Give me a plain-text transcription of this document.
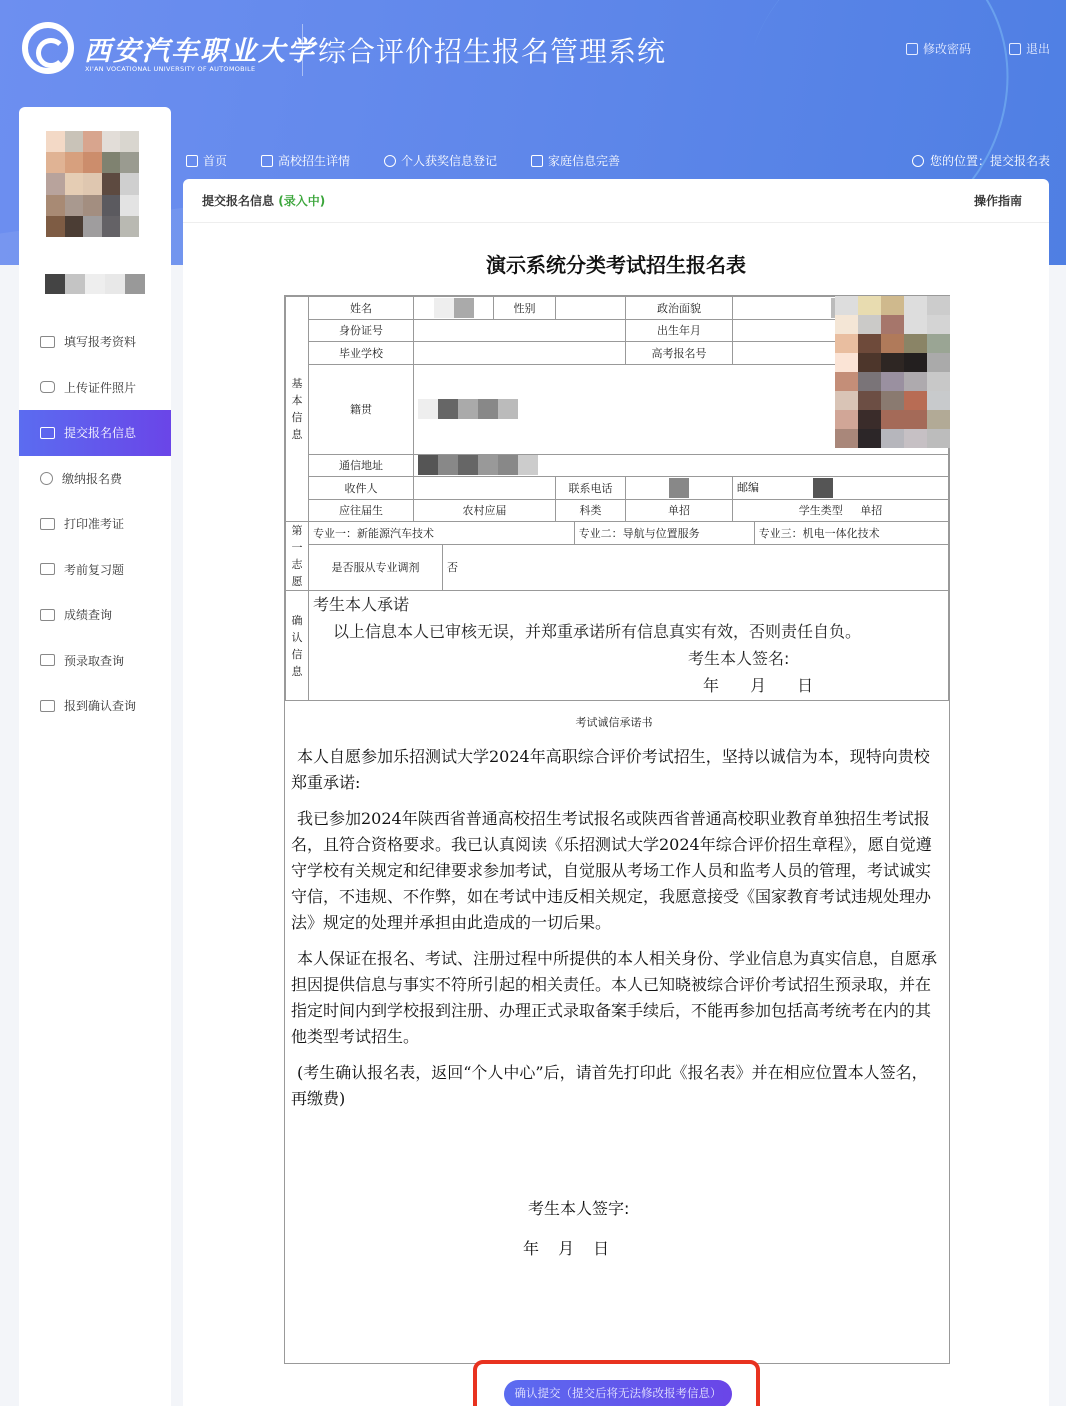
西安汽车职业大学
XI'AN VOCATIONAL UNIVERSITY OF AUTOMOBILE
综合评价招生报名管理系统	修改密码	退出
首页	高校招生详情	个人获奖信息登记	家庭信息完善	您的位置：提交报名表
填写报考资料
上传证件照片
提交报名信息
缴纳报名费
打印准考证
考前复习题
成绩查询
预录取查询
报到确认查询
提交报名信息 (录入中)	操作指南
演示系统分类考试招生报名表
基本信息	姓名		性别		政治面貌	
	身份证号				出生年月	
	毕业学校				高考报名号	
	籍贯					
	通信地址					
	收件人			联系电话		邮编
	应往届生	农村应届		科类	单招	学生类型 单招
第一志愿	专业一：新能源汽车技术		专业二：导航与位置服务	专业三：机电一体化技术
	是否服从专业调剂	否		
确认信息	考生本人承诺
以上信息本人已审核无误，并郑重承诺所有信息真实有效，否则责任自负。
考生本人签名:
年　 月　 日			
考试诚信承诺书

本人自愿参加乐招测试大学2024年高职综合评价考试招生，坚持以诚信为本，现特向贵校郑重承诺:

我已参加2024年陕西省普通高校招生考试报名或陕西省普通高校职业教育单独招生考试报名，且符合资格要求。我已认真阅读《乐招测试大学2024年综合评价招生章程》，愿自觉遵守学校有关规定和纪律要求参加考试，自觉服从考场工作人员和监考人员的管理，考试诚实守信，不违规、不作弊，如在考试中违反相关规定，我愿意接受《国家教育考试违规处理办法》规定的处理并承担由此造成的一切后果。

本人保证在报名、考试、注册过程中所提供的本人相关身份、学业信息为真实信息，自愿承担因提供信息与事实不符所引起的相关责任。本人已知晓被综合评价考试招生预录取，并在指定时间内到学校报到注册、办理正式录取备案手续后，不能再参加包括高考统考在内的其他类型考试招生。

(考生确认报名表，返回“个人中心”后，请首先打印此《报名表》并在相应位置本人签名，再缴费)

考生本人签字:
年 月 日
确认提交（提交后将无法修改报考信息）
